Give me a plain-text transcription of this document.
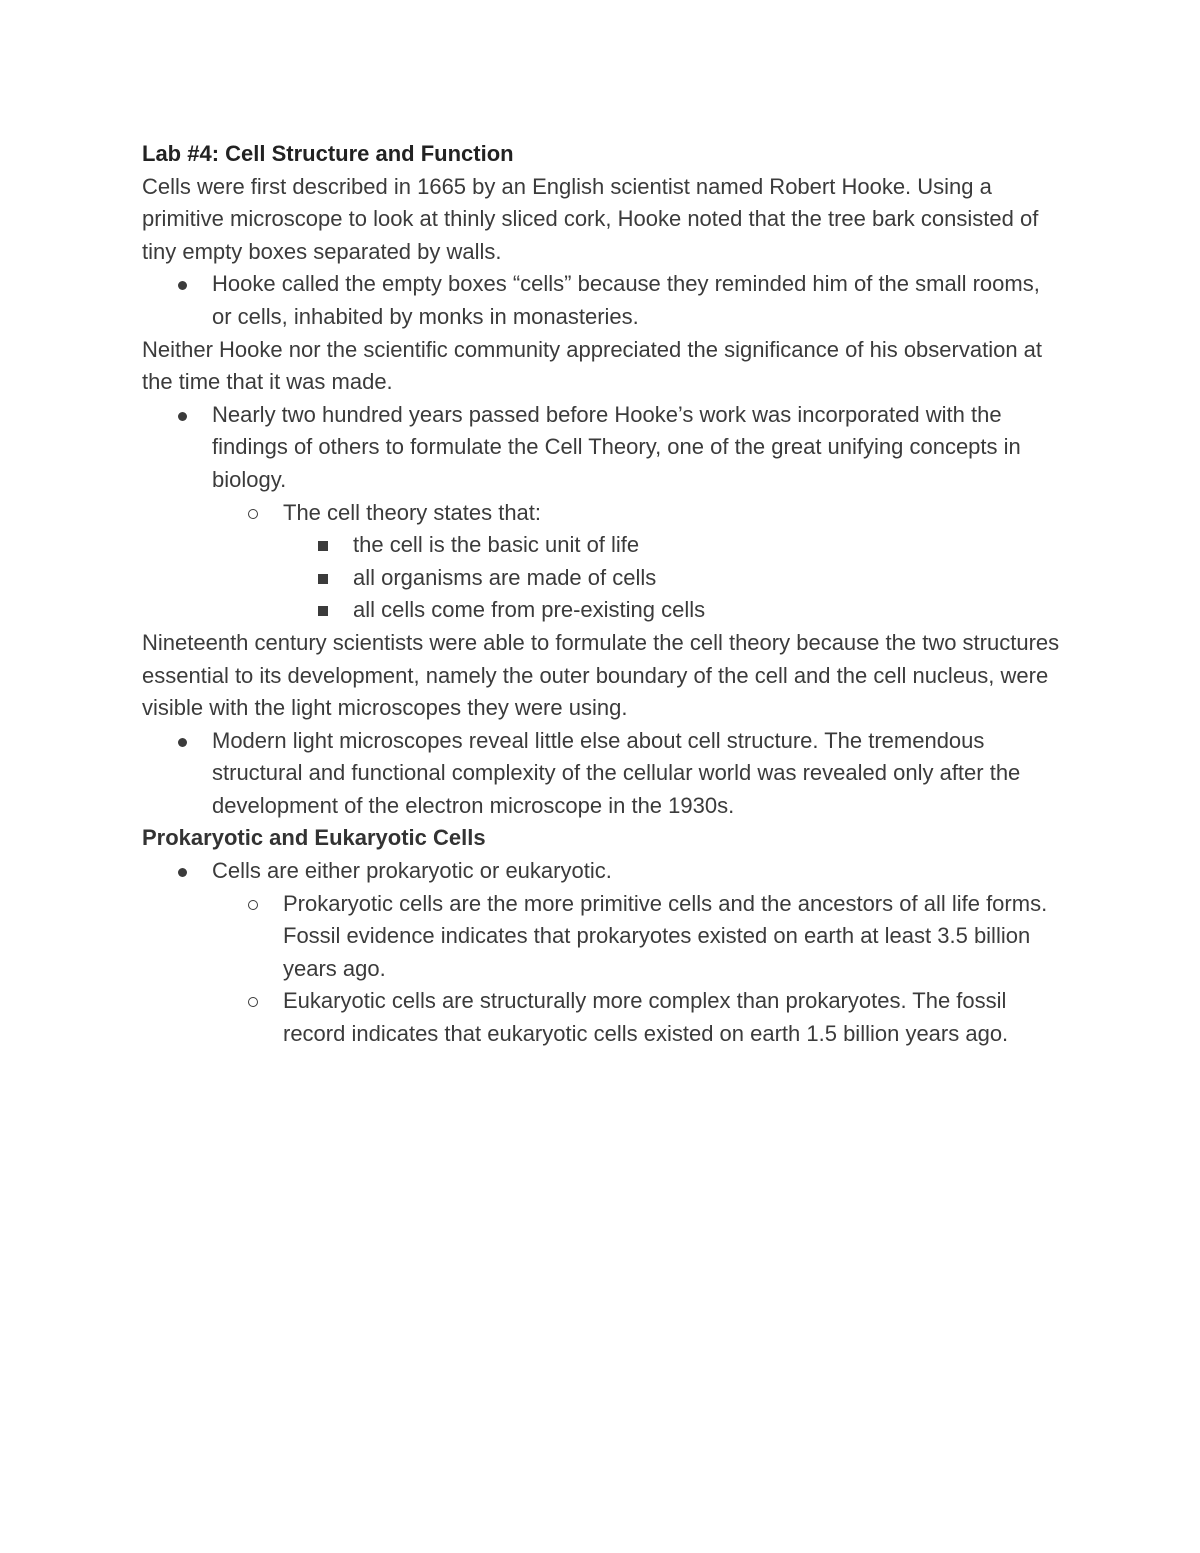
Lab #4: Cell Structure and Function

Cells were first described in 1665 by an English scientist named Robert Hooke. Using a primitive microscope to look at thinly sliced cork, Hooke noted that the tree bark consisted of tiny empty boxes separated by walls.

Hooke called the empty boxes “cells” because they reminded him of the small rooms, or cells, inhabited by monks in monasteries.

Neither Hooke nor the scientific community appreciated the significance of his observation at the time that it was made.

Nearly two hundred years passed before Hooke’s work was incorporated with the findings of others to formulate the Cell Theory, one of the great unifying concepts in biology.
The cell theory states that:
the cell is the basic unit of life
all organisms are made of cells
all cells come from pre-existing cells

Nineteenth century scientists were able to formulate the cell theory because the two structures essential to its development, namely the outer boundary of the cell and the cell nucleus, were visible with the light microscopes they were using.

Modern light microscopes reveal little else about cell structure. The tremendous structural and functional complexity of the cellular world was revealed only after the development of the electron microscope in the 1930s.

Prokaryotic and Eukaryotic Cells

Cells are either prokaryotic or eukaryotic.
Prokaryotic cells are the more primitive cells and the ancestors of all life forms. Fossil evidence indicates that prokaryotes existed on earth at least 3.5 billion years ago.
Eukaryotic cells are structurally more complex than prokaryotes. The fossil record indicates that eukaryotic cells existed on earth 1.5 billion years ago.
